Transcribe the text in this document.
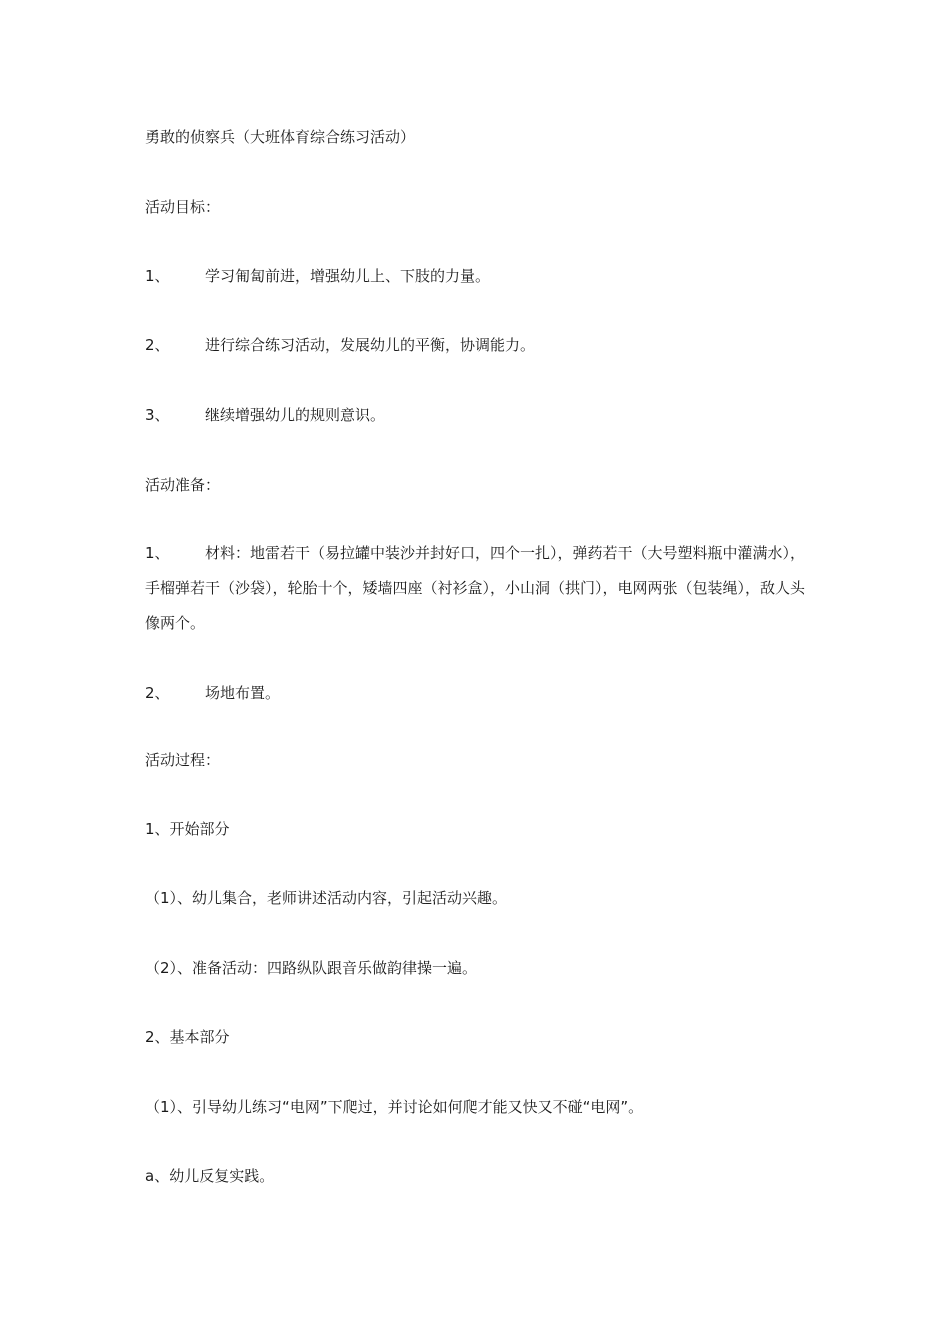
勇敢的侦察兵（大班体育综合练习活动）
活动目标：
1、 学习匍匐前进，增强幼儿上、下肢的力量。
2、 进行综合练习活动，发展幼儿的平衡，协调能力。
3、 继续增强幼儿的规则意识。
活动准备：
1、 材料：地雷若干（易拉罐中装沙并封好口，四个一扎），弹药若干（大号塑料瓶中灌满水），手榴弹若干（沙袋），轮胎十个，矮墙四座（衬衫盒），小山洞（拱门），电网两张（包装绳），敌人头像两个。
2、 场地布置。
活动过程：
1、开始部分
（1）、幼儿集合，老师讲述活动内容，引起活动兴趣。
（2）、准备活动：四路纵队跟音乐做韵律操一遍。
2、基本部分
（1）、引导幼儿练习“电网”下爬过，并讨论如何爬才能又快又不碰“电网”。
a、幼儿反复实践。
